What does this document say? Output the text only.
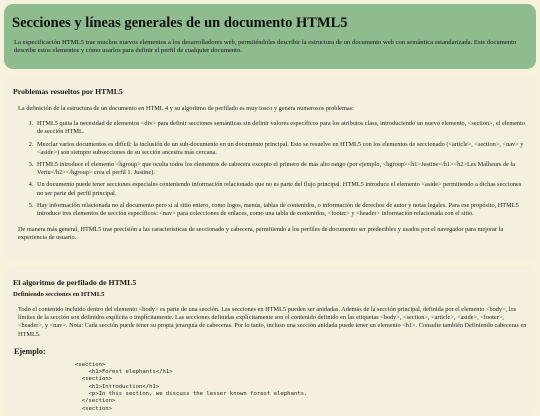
Secciones y líneas generales de un documento HTML5

La especificación HTML5 trae muchos nuevos elementos a los desarrolladores web, permiténdoles describir la estructura de un documento web con semántica estandarizada. Este documento describe estos elementos y cómo usarlos para definir el perfil de cualquier documento.

Problemas resueltos por HTML5

La definición de la estructura de un documento en HTML 4 y su algoritmo de perfilado es muy tosco y genera numerosos problemas:

1. HTML5 quita la necesidad de elementos <div> para definir secciones semánticas sin definir valores específicos para los atributos class, introduciendo un nuevo elemento, <section>, el elemento de sección HTML.
2. Mezclar varios documentos es difícil: la inclusión de un sub-documento en un documento principal. Esto se resuelve en HTML5 con los elementos de seccionado (<article>, <section>, <nav> y <aside>) son siempre subsecciones de su sección ancestra más cercana.
3. HTML5 introduce el elemento <hgroup> que oculta todos los elementos de cabecera excepto el primero de más alto rango (por ejemplo, <hgroup><h1>Justine</h1><h2>Les Malheurs de la Vertu</h2></hgroup> crea el perfil 1. Justine).
4. Un documento puede tener secciones especiales conteniendo información relacionado que no es parte del flujo principal. HTML5 introduce el elemento <aside> permitiendo a dichas secciones no ser parte del perfil principal.
5. Hay información relacionada no al documento pero sí al sitio entero, como logos, menús, tablas de contenidos, o información de derechos de autor y notas legales. Para ese propósito, HTML5 introduce tres elementos de sección específicos: <nav> para colecciones de enlaces, como una tabla de contenidos, <footer> y <header> información relacionada con el sitio.

De manera más general, HTML5 trae precisión a las características de seccionado y cabecera, permitiendo a los perfiles de documento ser predecibles y usados por el navegador para mejorar la experiencia de usuario.

El algoritmo de perfilado de HTML5
Definiendo secciones en HTML5

Todo el contenido incluido dentro del elemento <body> es parte de una sección. Las secciones en HTML5 pueden ser anidadas. Además de la sección principal, definida por el elemento <body>, los límites de la sección son definidos explícita o implícitamente. Las secciones definidas explícitamente son el contenido definido en las etiquetas <body>, <section>, <article>, <aside>, <footer>, <header>, y <nav>. Nota: Cada sección puede tener su propia jerarquía de cabeceras. Por lo tanto, incluso una sección anidada puede tener un elemento <h1>. Consulte también Definiendo cabeceras en HTML5.

Ejemplo:
<section>
<h1>Forest elephants</h1>
<section>
<h1>Introduction</h1>
<p>In this section, we discuss the lesser known forest elephants.
</section>
<section>
